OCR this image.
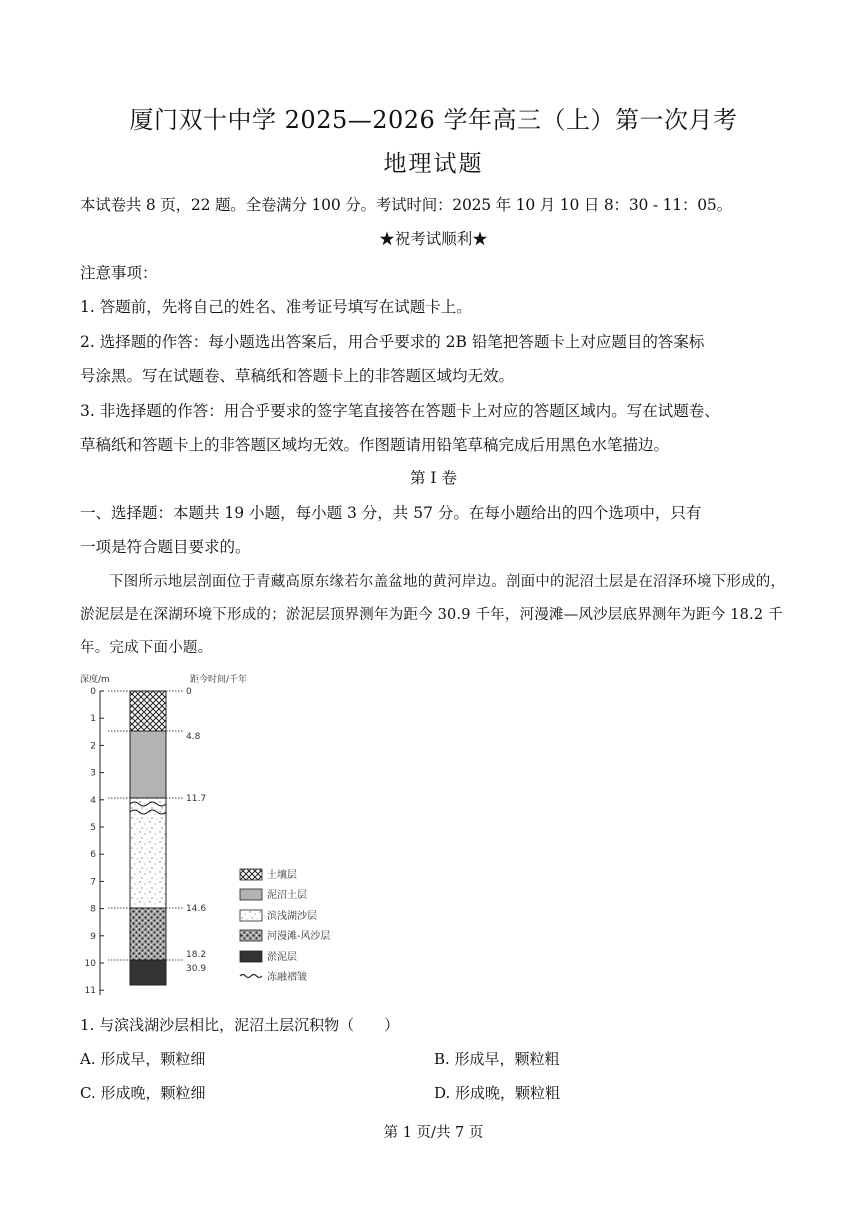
厦门双十中学 2025—2026 学年高三（上）第一次月考
地理试题
本试卷共 8 页，22 题。全卷满分 100 分。考试时间：2025 年 10 月 10 日 8：30 - 11：05。
★祝考试顺利★
注意事项：
1. 答题前，先将自己的姓名、准考证号填写在试题卡上。
2. 选择题的作答：每小题选出答案后，用合乎要求的 2B 铅笔把答题卡上对应题目的答案标
号涂黑。写在试题卷、草稿纸和答题卡上的非答题区域均无效。
3. 非选择题的作答：用合乎要求的签字笔直接答在答题卡上对应的答题区域内。写在试题卷、
草稿纸和答题卡上的非答题区域均无效。作图题请用铅笔草稿完成后用黑色水笔描边。
第 I 卷
一、选择题：本题共 19 小题，每小题 3 分，共 57 分。在每小题给出的四个选项中，只有
一项是符合题目要求的。
下图所示地层剖面位于青藏高原东缘若尔盖盆地的黄河岸边。剖面中的泥沼土层是在沼泽环境下形成的，淤泥层是在深湖环境下形成的；淤泥层顶界测年为距今 30.9 千年，河漫滩—风沙层底界测年为距今 18.2 千年。完成下面小题。
深度/m	距今时间/千年
0
1
2
3
4
5
6
7
8
9
10
11
0
4.8
11.7
14.6
18.2
30.9
土壤层
泥沼土层
滨浅湖沙层
河漫滩-风沙层
淤泥层
冻融褶皱
1. 与滨浅湖沙层相比，泥沼土层沉积物（　　）
A. 形成早，颗粒细	B. 形成早，颗粒粗
C. 形成晚，颗粒细	D. 形成晚，颗粒粗
第 1 页/共 7 页
